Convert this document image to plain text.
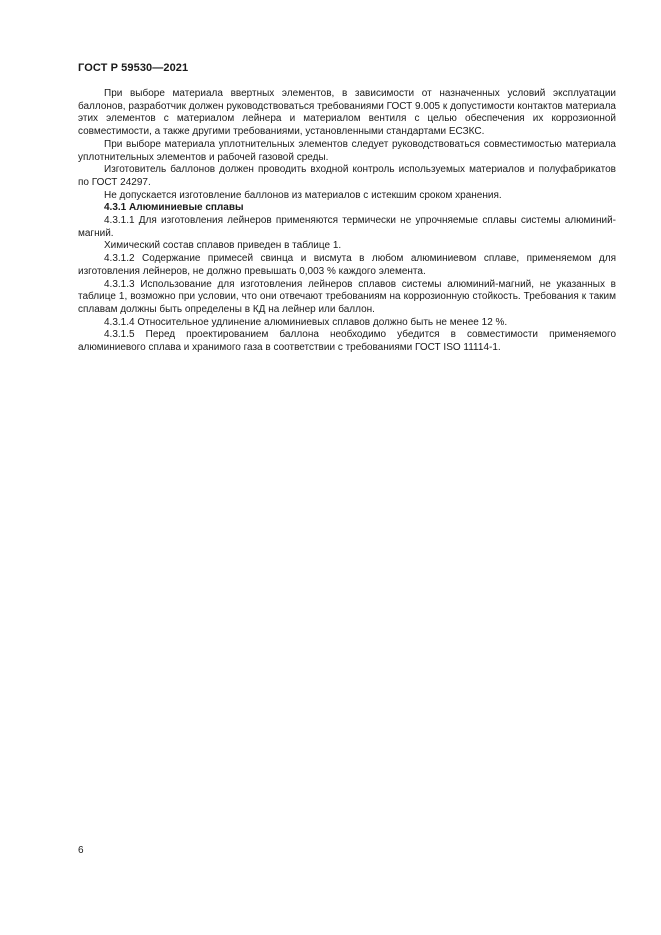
ГОСТ Р 59530—2021

При выборе материала ввертных элементов, в зависимости от назначенных условий эксплуатации баллонов, разработчик должен руководствоваться требованиями ГОСТ 9.005 к допустимости контактов материала этих элементов с материалом лейнера и материалом вентиля с целью обеспечения их коррозионной совместимости, а также другими требованиями, установленными стандартами ЕСЗКС.

При выборе материала уплотнительных элементов следует руководствоваться совместимостью материала уплотнительных элементов и рабочей газовой среды.

Изготовитель баллонов должен проводить входной контроль используемых материалов и полуфабрикатов по ГОСТ 24297.

Не допускается изготовление баллонов из материалов с истекшим сроком хранения.

4.3.1 Алюминиевые сплавы

4.3.1.1 Для изготовления лейнеров применяются термически не упрочняемые сплавы системы алюминий-магний.

Химический состав сплавов приведен в таблице 1.

4.3.1.2 Содержание примесей свинца и висмута в любом алюминиевом сплаве, применяемом для изготовления лейнеров, не должно превышать 0,003 % каждого элемента.

4.3.1.3 Использование для изготовления лейнеров сплавов системы алюминий-магний, не указанных в таблице 1, возможно при условии, что они отвечают требованиям на коррозионную стойкость. Требования к таким сплавам должны быть определены в КД на лейнер или баллон.

4.3.1.4 Относительное удлинение алюминиевых сплавов должно быть не менее 12 %.

4.3.1.5 Перед проектированием баллона необходимо убедится в совместимости применяемого алюминиевого сплава и хранимого газа в соответствии с требованиями ГОСТ ISO 11114-1.

6
